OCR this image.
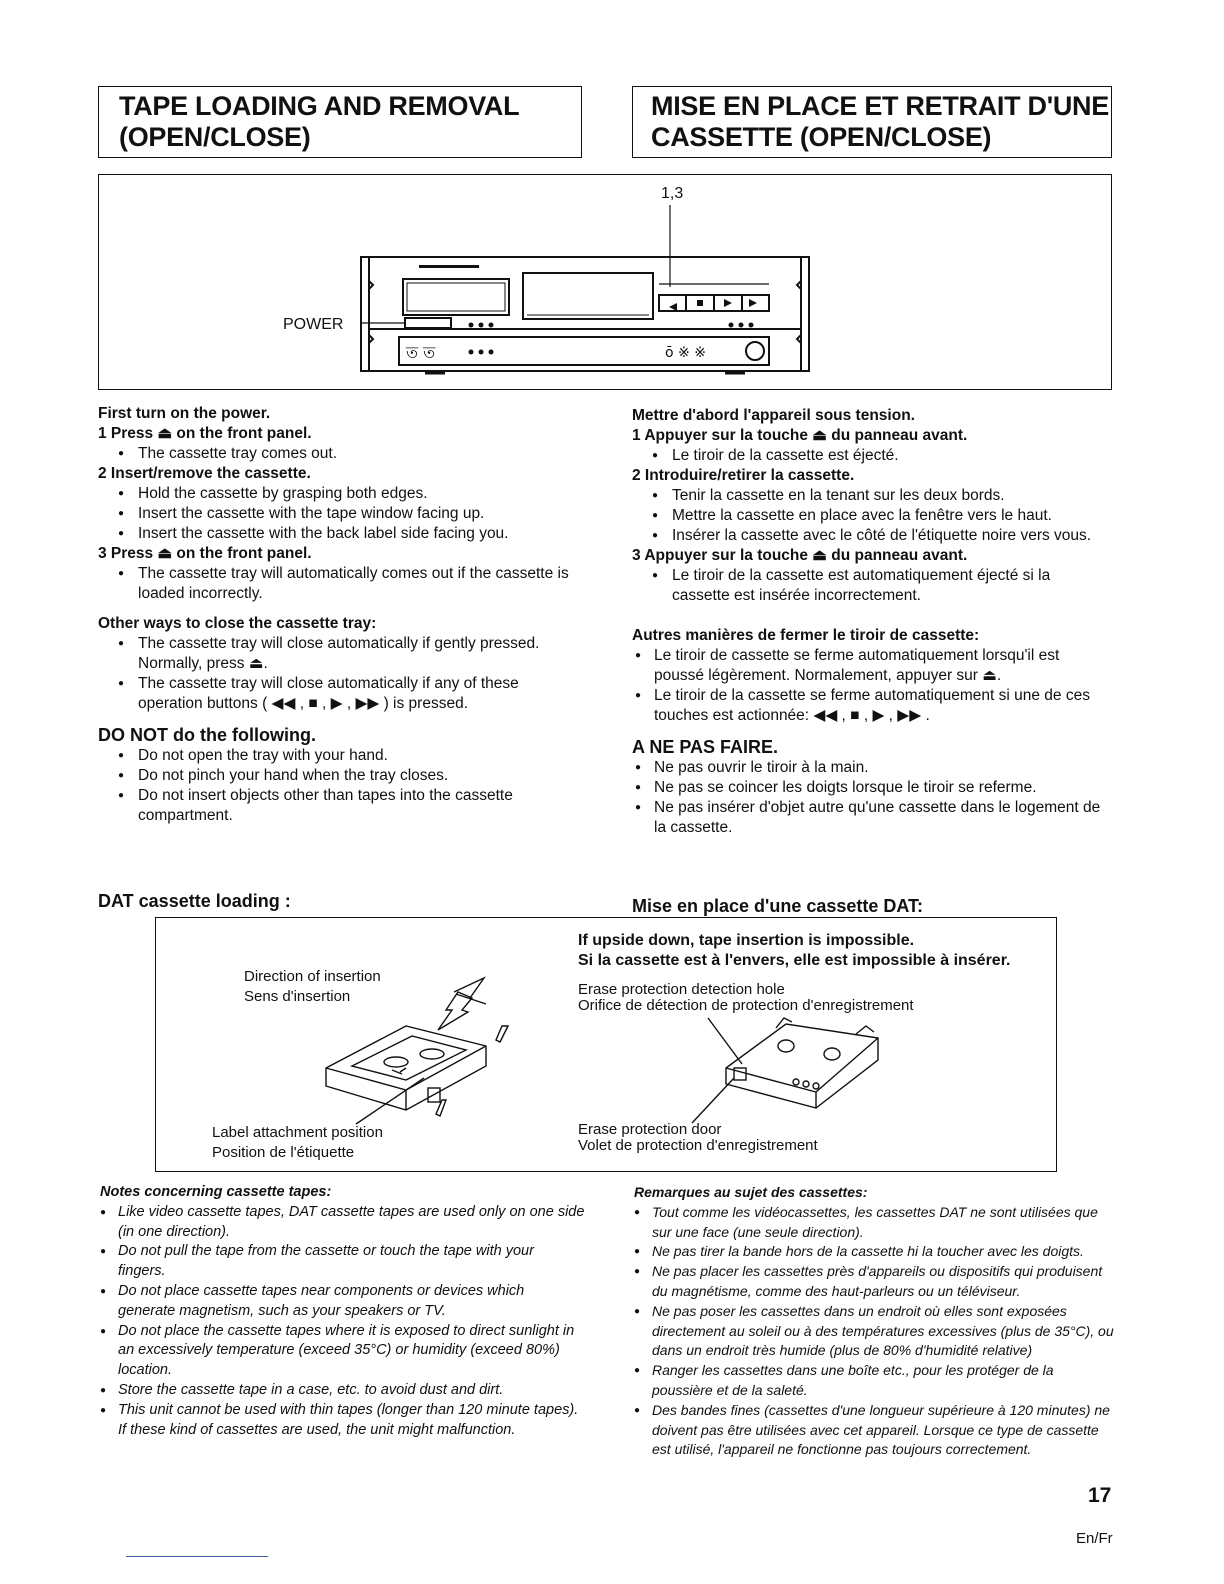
TAPE LOADING AND REMOVAL
(OPEN/CLOSE)
MISE EN PLACE ET RETRAIT D'UNE
CASSETTE (OPEN/CLOSE)
1,3
POWER
ত ত	ō ※ ※

First turn on the power.

1 Press ⏏ on the front panel.

● The cassette tray comes out.

2 Insert/remove the cassette.

● Hold the cassette by grasping both edges.

● Insert the cassette with the tape window facing up.

● Insert the cassette with the back label side facing you.

3 Press ⏏ on the front panel.

● The cassette tray will automatically comes out if the cassette is loaded incorrectly.

Other ways to close the cassette tray:

● The cassette tray will close automatically if gently pressed.

Normally, press ⏏.

● The cassette tray will close automatically if any of these operation buttons ( ◀◀ , ■ , ▶ , ▶▶ ) is pressed.

DO NOT do the following.

● Do not open the tray with your hand.

● Do not pinch your hand when the tray closes.

● Do not insert objects other than tapes into the cassette compartment.

DAT cassette loading :

Mettre d'abord l'appareil sous tension.

1 Appuyer sur la touche ⏏ du panneau avant.

● Le tiroir de la cassette est éjecté.

2 Introduire/retirer la cassette.

● Tenir la cassette en la tenant sur les deux bords.

● Mettre la cassette en place avec la fenêtre vers le haut.

● Insérer la cassette avec le côté de l'étiquette noire vers vous.

3 Appuyer sur la touche ⏏ du panneau avant.

● Le tiroir de la cassette est automatiquement éjecté si la cassette est insérée incorrectement.

Autres manières de fermer le tiroir de cassette:

● Le tiroir de cassette se ferme automatiquement lorsqu'il est poussé légèrement. Normalement, appuyer sur ⏏.

● Le tiroir de la cassette se ferme automatiquement si une de ces touches est actionnée: ◀◀ , ■ , ▶ , ▶▶ .

A NE PAS FAIRE.

● Ne pas ouvrir le tiroir à la main.

● Ne pas se coincer les doigts lorsque le tiroir se referme.

● Ne pas insérer d'objet autre qu'une cassette dans le logement de la cassette.

Mise en place d'une cassette DAT:
If upside down, tape insertion is impossible.
Si la cassette est à l'envers, elle est impossible à insérer.
Direction of insertion
Sens d'insertion	Erase protection detection hole
Orifice de détection de protection d'enregistrement
Label attachment position
Position de l'étiquette
Erase protection door
Volet de protection d'enregistrement

Notes concerning cassette tapes:

● Like video cassette tapes, DAT cassette tapes are used only on one side (in one direction).

● Do not pull the tape from the cassette or touch the tape with your fingers.

● Do not place cassette tapes near components or devices which generate magnetism, such as your speakers or TV.

● Do not place the cassette tapes where it is exposed to direct sunlight in an excessively temperature (exceed 35°C) or humidity (exceed 80%) location.

● Store the cassette tape in a case, etc. to avoid dust and dirt.

● This unit cannot be used with thin tapes (longer than 120 minute tapes). If these kind of cassettes are used, the unit might malfunction.

Remarques au sujet des cassettes:

● Tout comme les vidéocassettes, les cassettes DAT ne sont utilisées que sur une face (une seule direction).

● Ne pas tirer la bande hors de la cassette hi la toucher avec les doigts.

● Ne pas placer les cassettes près d'appareils ou dispositifs qui produisent du magnétisme, comme des haut-parleurs ou un téléviseur.

● Ne pas poser les cassettes dans un endroit où elles sont exposées directement au soleil ou à des températures excessives (plus de 35°C), ou dans un endroit très humide (plus de 80% d'humidité relative)

● Ranger les cassettes dans une boîte etc., pour les protéger de la poussière et de la saleté.

● Des bandes fines (cassettes d'une longueur supérieure à 120 minutes) ne doivent pas être utilisées avec cet appareil. Lorsque ce type de cassette est utilisé, l'appareil ne fonctionne pas toujours correctement.

17
En/Fr
